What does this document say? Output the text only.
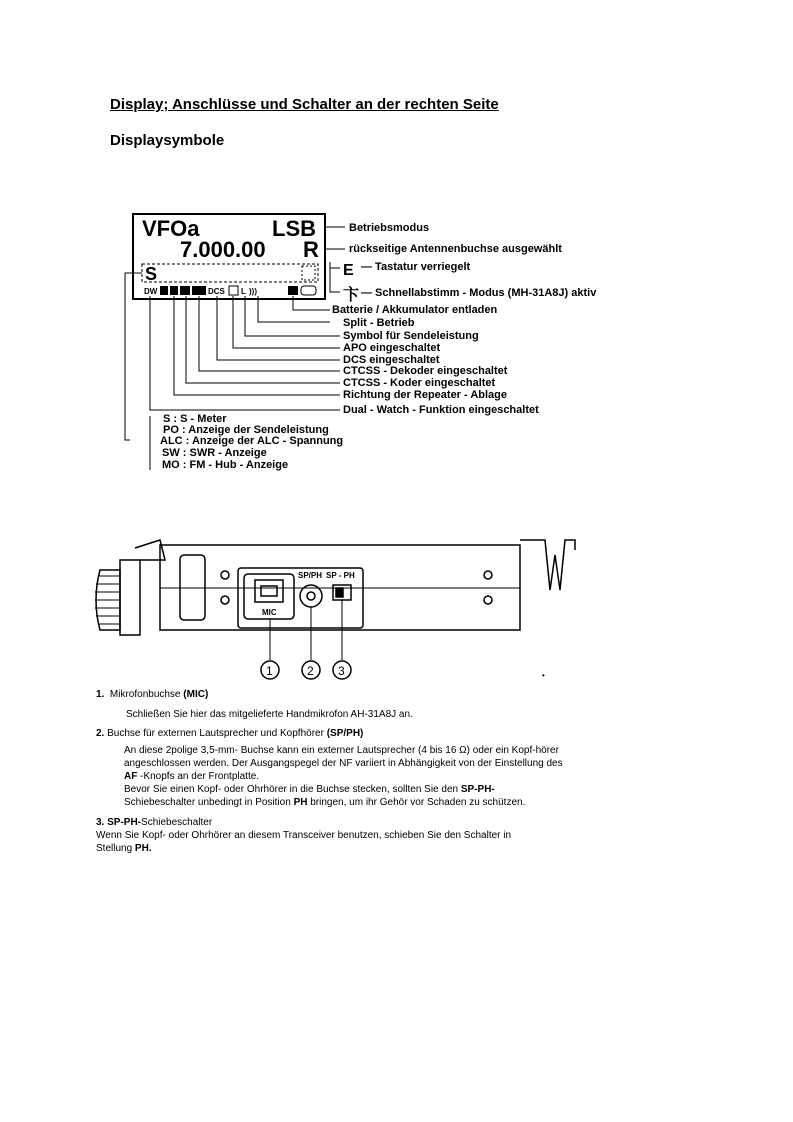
Display; Anschlüsse und Schalter an der rechten Seite
Displaysymbole
VFOa	LSB
7.000.00 R
S
DW	DCS L )))
E
卞
Betriebsmodus
rückseitige Antennenbuchse ausgewählt
— Tastatur verriegelt
— Schnellabstimm - Modus (MH-31A8J) aktiv
Batterie / Akkumulator entladen
Split - Betrieb
Symbol für Sendeleistung
APO eingeschaltet
DCS eingeschaltet
CTCSS - Dekoder eingeschaltet
CTCSS - Koder eingeschaltet
Richtung der Repeater - Ablage
Dual - Watch - Funktion eingeschaltet
S : S - Meter
PO : Anzeige der Sendeleistung
ALC : Anzeige der ALC - Spannung
SW : SWR - Anzeige
MO : FM - Hub - Anzeige
MIC
SP/PH SP - PH
1	2 3	•
1. Mikrofonbuchse (MIC)
Schließen Sie hier das mitgelieferte Handmikrofon AH-31A8J an.
2. Buchse für externen Lautsprecher und Kopfhörer (SP/PH)
An diese 2polige 3,5-mm- Buchse kann ein externer Lautsprecher (4 bis 16 Ω) oder ein Kopf-hörer angeschlossen werden. Der Ausgangspegel der NF variiert in Abhängigkeit von der Einstellung des AF -Knopfs an der Frontplatte.
Bevor Sie einen Kopf- oder Ohrhörer in die Buchse stecken, sollten Sie den SP-PH-
Schiebeschalter unbedingt in Position PH bringen, um ihr Gehör vor Schaden zu schützen.
3. SP-PH-Schiebeschalter
Wenn Sie Kopf- oder Ohrhörer an diesem Transceiver benutzen, schieben Sie den Schalter in Stellung PH.
